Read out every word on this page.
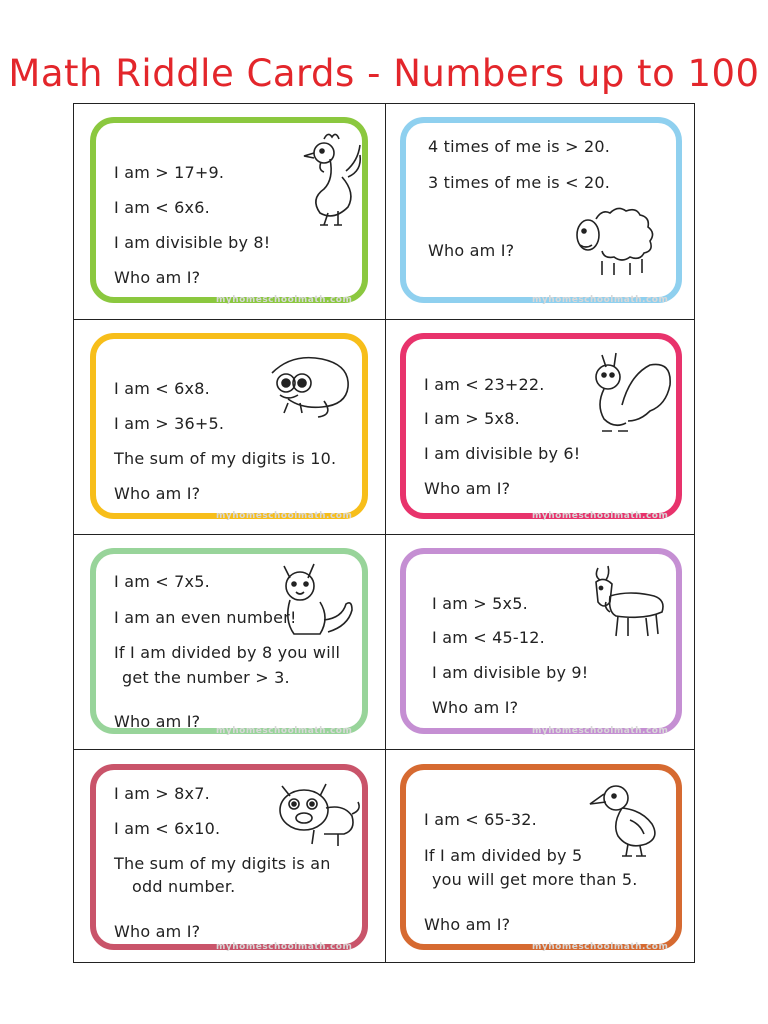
Math Riddle Cards - Numbers up to 100
I am > 17+9.
I am < 6x6.
I am divisible by 8!
Who am I?
myhomeschoolmath.com
4 times of me is > 20.
3 times of me is < 20.
Who am I?
myhomeschoolmath.com
I am < 6x8.
I am > 36+5.
The sum of my digits is 10.
Who am I?
myhomeschoolmath.com
I am < 23+22.
I am > 5x8.
I am divisible by 6!
Who am I?
myhomeschoolmath.com
I am < 7x5.
I am an even number!
If I am divided by 8 you will
get the number > 3.
Who am I? myhomeschoolmath.com
I am > 5x5.
I am < 45-12.
I am divisible by 9!
Who am I?
myhomeschoolmath.com
I am > 8x7.
I am < 6x10.
The sum of my digits is an
odd number.
Who am I?
myhomeschoolmath.com
I am < 65-32.
If I am divided by 5
you will get more than 5.
Who am I?
myhomeschoolmath.com
